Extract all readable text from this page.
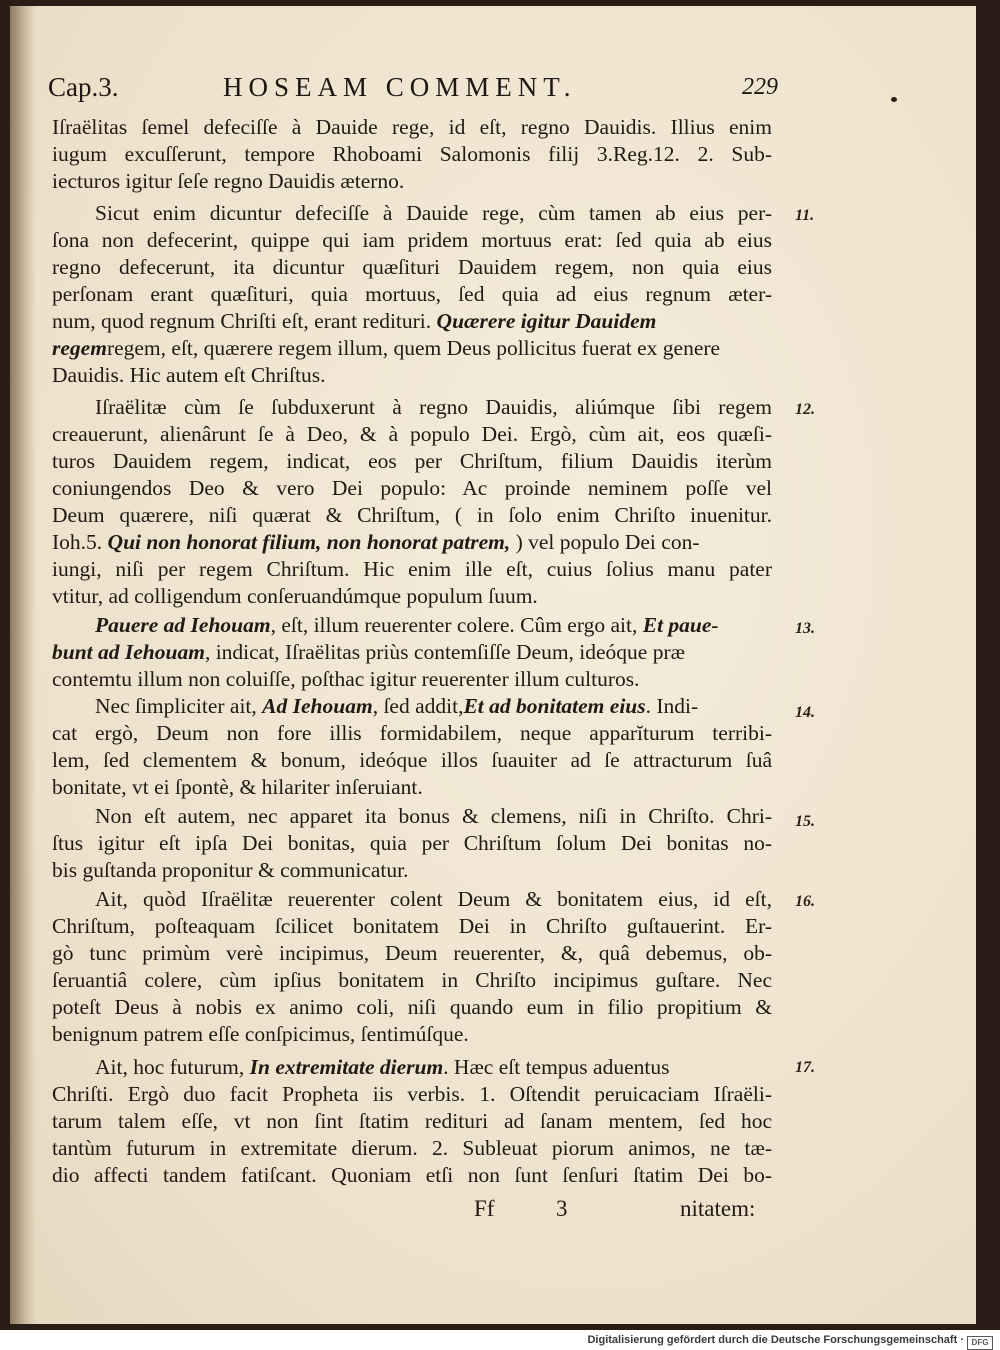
Cap.3.	HOSEAM COMMENT.	229
Iſraëlitas ſemel defeciſſe à Dauide rege, id eſt, regno Dauidis. Illius enim
iugum excuſſerunt, tempore Rhoboami Salomonis filij 3.Reg.12. 2. Sub-
iecturos igitur ſeſe regno Dauidis æterno.
Sicut enim dicuntur defeciſſe à Dauide rege, cùm tamen ab eius per-
ſona non defecerint, quippe qui iam pridem mortuus erat: ſed quia ab eius
regno defecerunt, ita dicuntur quæſituri Dauidem regem, non quia eius
perſonam erant quæſituri, quia mortuus, ſed quia ad eius regnum æter-
num, quod regnum Chriſti eſt, erant redituri. Quærere igitur Dauidem
regemregem, eſt, quærere regem illum, quem Deus pollicitus fuerat ex genere
Dauidis. Hic autem eſt Chriſtus.
Iſraëlitæ cùm ſe ſubduxerunt à regno Dauidis, aliúmque ſibi regem
creauerunt, alienârunt ſe à Deo, & à populo Dei. Ergò, cùm ait, eos quæſi-
turos Dauidem regem, indicat, eos per Chriſtum, filium Dauidis iterùm
coniungendos Deo & vero Dei populo: Ac proinde neminem poſſe vel
Deum quærere, niſi quærat & Chriſtum, ( in ſolo enim Chriſto inuenitur.
Ioh.5. Qui non honorat filium, non honorat patrem, ) vel populo Dei con-
iungi, niſi per regem Chriſtum. Hic enim ille eſt, cuius ſolius manu pater
vtitur, ad colligendum conſeruandúmque populum ſuum.
Pauere ad Iehouam, eſt, illum reuerenter colere. Cûm ergo ait, Et paue-
bunt ad Iehouam, indicat, Iſraëlitas priùs contemſiſſe Deum, ideóque præ
contemtu illum non coluiſſe, poſthac igitur reuerenter illum culturos.
Nec ſimpliciter ait, Ad Iehouam, ſed addit,Et ad bonitatem eius. Indi-
cat ergò, Deum non fore illis formidabilem, neque apparĭturum terribi-
lem, ſed clementem & bonum, ideóque illos ſuauiter ad ſe attracturum ſuâ
bonitate, vt ei ſpontè, & hilariter inſeruiant.
Non eſt autem, nec apparet ita bonus & clemens, niſi in Chriſto. Chri-
ſtus igitur eſt ipſa Dei bonitas, quia per Chriſtum ſolum Dei bonitas no-
bis guſtanda proponitur & communicatur.
Ait, quòd Iſraëlitæ reuerenter colent Deum & bonitatem eius, id eſt,
Chriſtum, poſteaquam ſcilicet bonitatem Dei in Chriſto guſtauerint. Er-
gò tunc primùm verè incipimus, Deum reuerenter, &, quâ debemus, ob-
ſeruantiâ colere, cùm ipſius bonitatem in Chriſto incipimus guſtare. Nec
poteſt Deus à nobis ex animo coli, niſi quando eum in filio propitium &
benignum patrem eſſe conſpicimus, ſentimúſque.
Ait, hoc futurum, In extremitate dierum. Hæc eſt tempus aduentus
Chriſti. Ergò duo facit Propheta iis verbis. 1. Oſtendit peruicaciam Iſraëli-
tarum talem eſſe, vt non ſint ſtatim redituri ad ſanam mentem, ſed hoc
tantùm futurum in extremitate dierum. 2. Subleuat piorum animos, ne tæ-
dio affecti tandem fatiſcant. Quoniam etſi non ſunt ſenſuri ſtatim Dei bo-
11.
12.
13.
14.
15.
16.
17.
Ff	3	nitatem:
Digitalisierung gefördert durch die Deutsche Forschungsgemeinschaft · DFG
